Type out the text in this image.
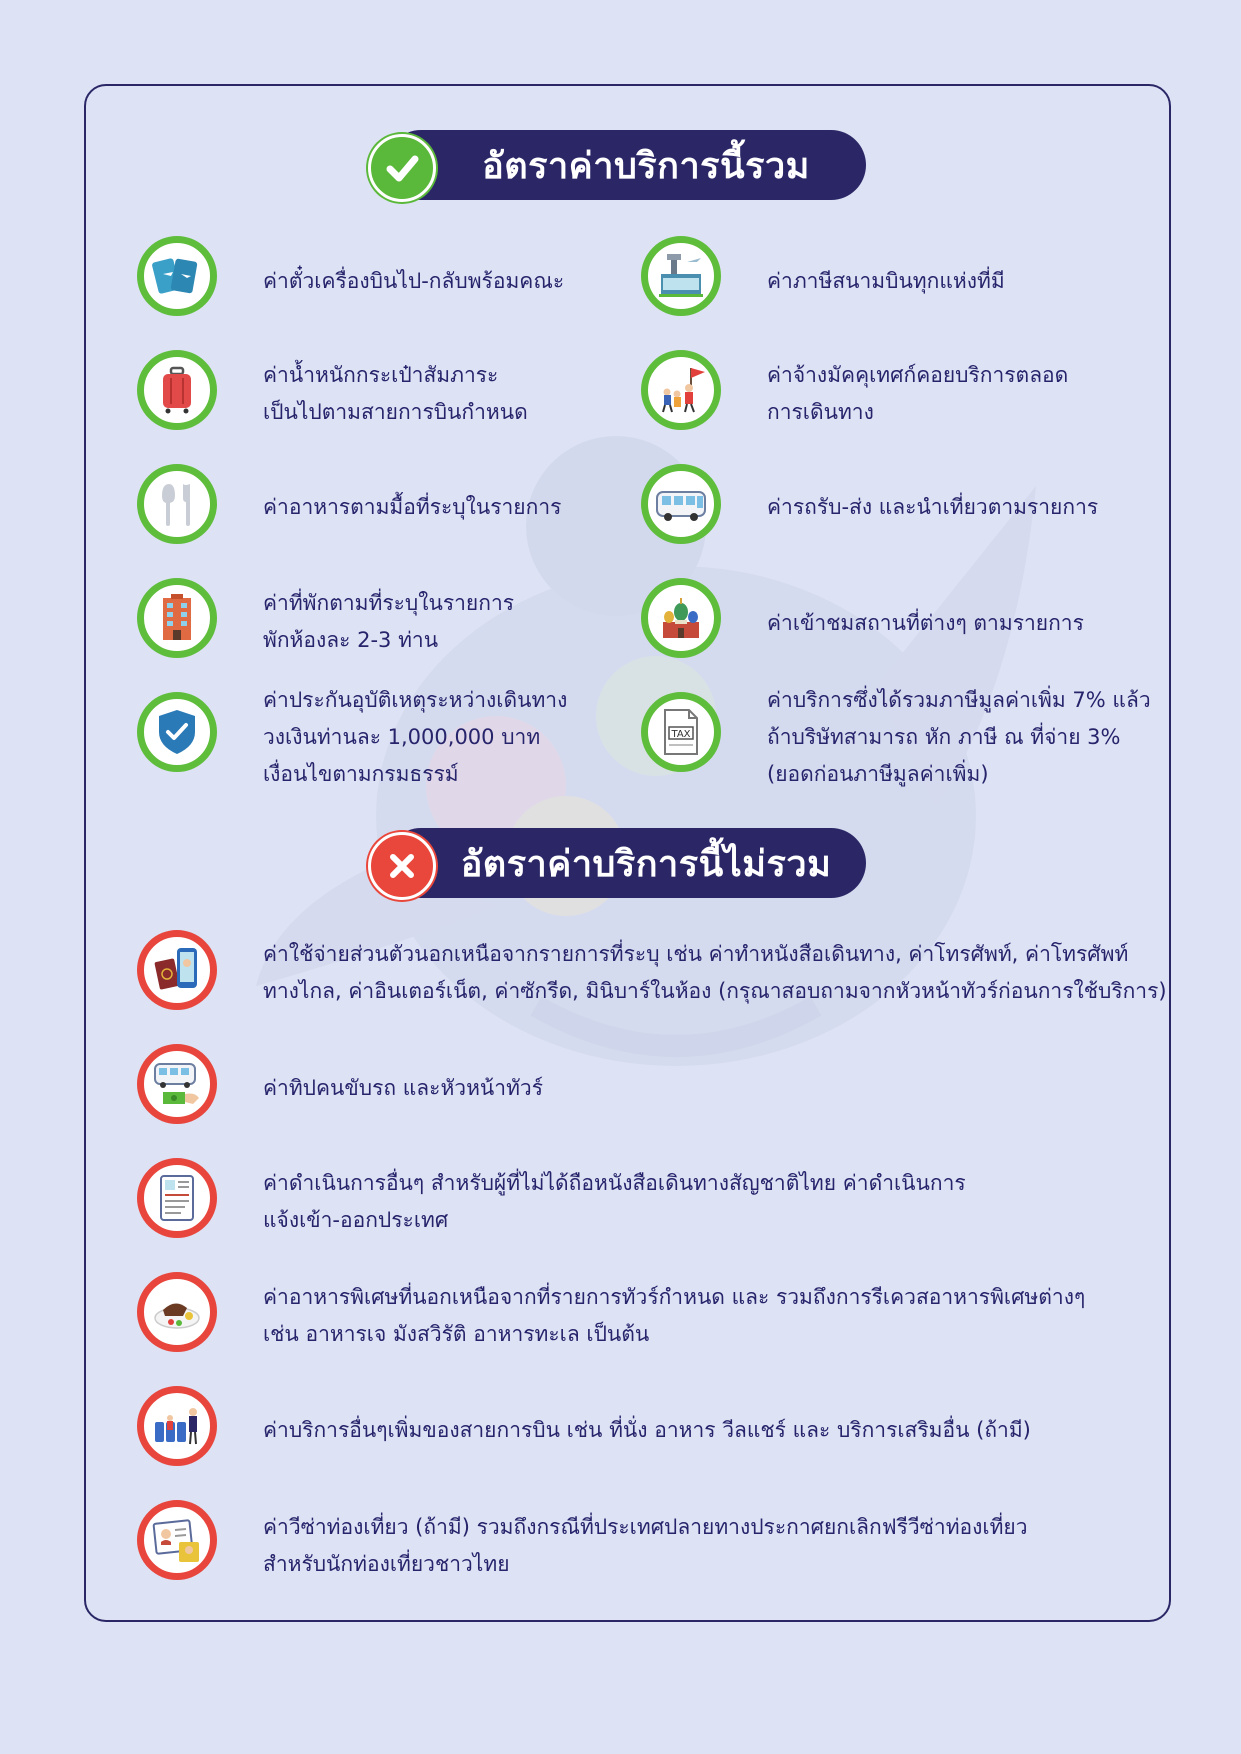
อัตราค่าบริการนี้รวม
ค่าตั๋วเครื่องบินไป-กลับพร้อมคณะ	ค่าภาษีสนามบินทุกแห่งที่มี
ค่าน้ำหนักกระเป๋าสัมภาระ
เป็นไปตามสายการบินกำหนด
ค่าจ้างมัคคุเทศก์คอยบริการตลอด
การเดินทาง
ค่าอาหารตามมื้อที่ระบุในรายการ	ค่ารถรับ-ส่ง และนำเที่ยวตามรายการ
ค่าที่พักตามที่ระบุในรายการ
พักห้องละ 2-3 ท่าน
ค่าเข้าชมสถานที่ต่างๆ ตามรายการ
ค่าประกันอุบัติเหตุระหว่างเดินทาง
วงเงินท่านละ 1,000,000 บาท
เงื่อนไขตามกรมธรรม์
TAX
ค่าบริการซึ่งได้รวมภาษีมูลค่าเพิ่ม 7% แล้ว
ถ้าบริษัทสามารถ หัก ภาษี ณ ที่จ่าย 3%
(ยอดก่อนภาษีมูลค่าเพิ่ม)
อัตราค่าบริการนี้ไม่รวม
ค่าใช้จ่ายส่วนตัวนอกเหนือจากรายการที่ระบุ เช่น ค่าทำหนังสือเดินทาง, ค่าโทรศัพท์, ค่าโทรศัพท์
ทางไกล, ค่าอินเตอร์เน็ต, ค่าซักรีด, มินิบาร์ในห้อง (กรุณาสอบถามจากหัวหน้าทัวร์ก่อนการใช้บริการ)
ค่าทิปคนขับรถ และหัวหน้าทัวร์
ค่าดำเนินการอื่นๆ สำหรับผู้ที่ไม่ได้ถือหนังสือเดินทางสัญชาติไทย ค่าดำเนินการ
แจ้งเข้า-ออกประเทศ
ค่าอาหารพิเศษที่นอกเหนือจากที่รายการทัวร์กำหนด และ รวมถึงการรีเควสอาหารพิเศษต่างๆ
เช่น อาหารเจ มังสวิรัติ อาหารทะเล เป็นต้น
ค่าบริการอื่นๆเพิ่มของสายการบิน เช่น ที่นั่ง อาหาร วีลแชร์ และ บริการเสริมอื่น (ถ้ามี)
ค่าวีซ่าท่องเที่ยว (ถ้ามี) รวมถึงกรณีที่ประเทศปลายทางประกาศยกเลิกฟรีวีซ่าท่องเที่ยว
สำหรับนักท่องเที่ยวชาวไทย
